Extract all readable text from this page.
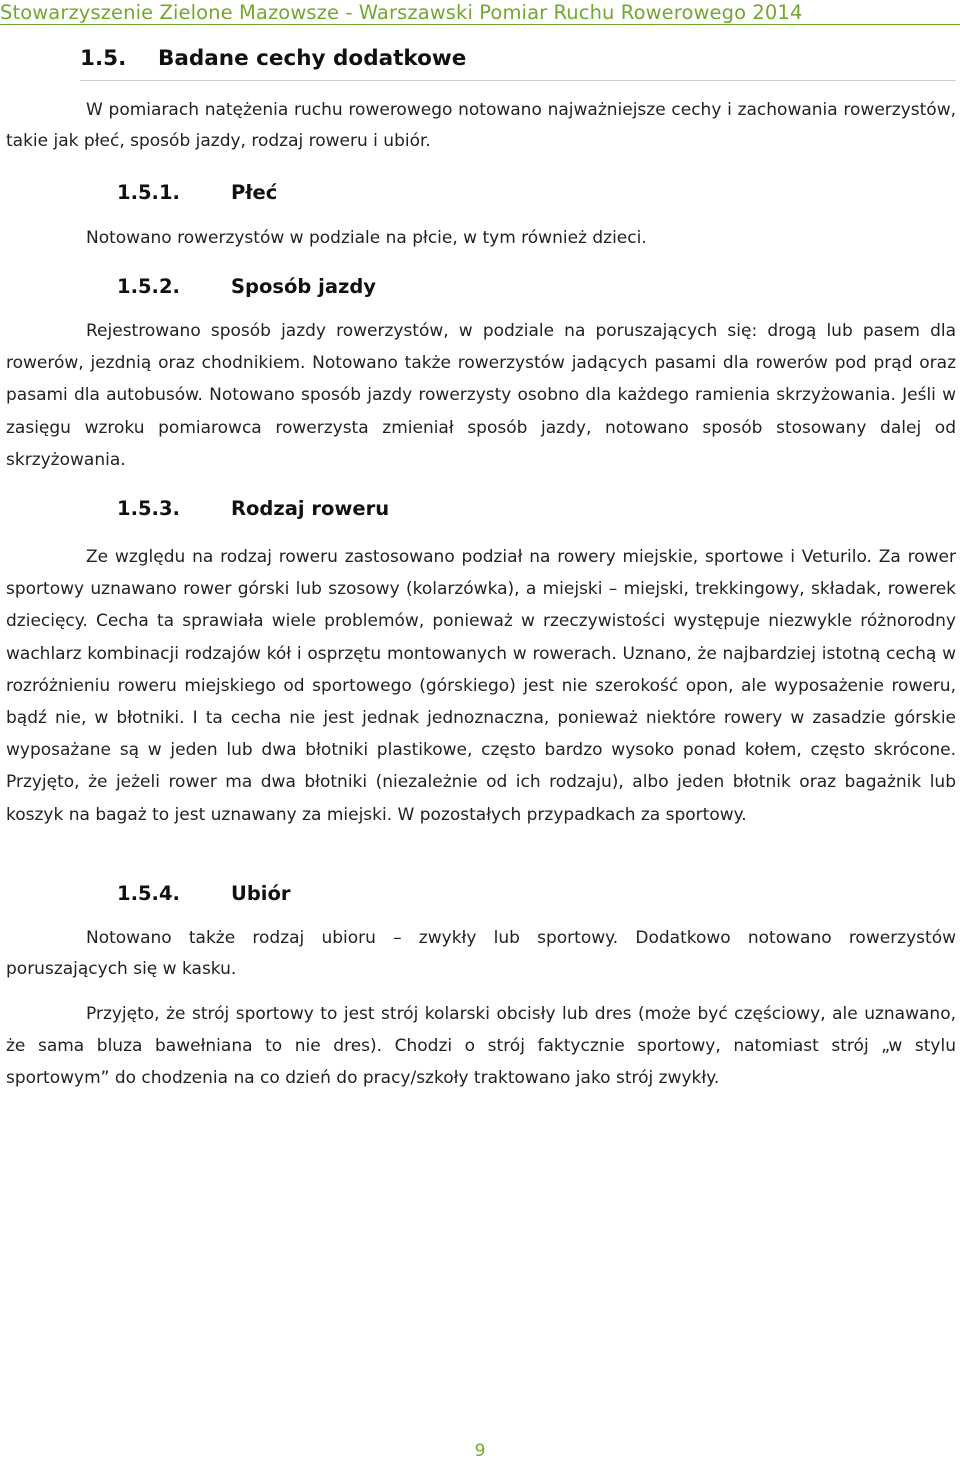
Stowarzyszenie Zielone Mazowsze - Warszawski Pomiar Ruchu Rowerowego 2014
1.5. Badane cechy dodatkowe

W pomiarach natężenia ruchu rowerowego notowano najważniejsze cechy i zachowania rowerzystów, takie jak płeć, sposób jazdy, rodzaj roweru i ubiór.

1.5.1.	Płeć

Notowano rowerzystów w podziale na płcie, w tym również dzieci.

1.5.2.	Sposób jazdy

Rejestrowano sposób jazdy rowerzystów, w podziale na poruszających się: drogą lub pasem dla rowerów, jezdnią oraz chodnikiem. Notowano także rowerzystów jadących pasami dla rowerów pod prąd oraz pasami dla autobusów. Notowano sposób jazdy rowerzysty osobno dla każdego ramienia skrzyżowania. Jeśli w zasięgu wzroku pomiarowca rowerzysta zmieniał sposób jazdy, notowano sposób stosowany dalej od skrzyżowania.

1.5.3.	Rodzaj roweru

Ze względu na rodzaj roweru zastosowano podział na rowery miejskie, sportowe i Veturilo. Za rower sportowy uznawano rower górski lub szosowy (kolarzówka), a miejski – miejski, trekkingowy, składak, rowerek dziecięcy. Cecha ta sprawiała wiele problemów, ponieważ w rzeczywistości występuje niezwykle różnorodny wachlarz kombinacji rodzajów kół i osprzętu montowanych w rowerach. Uznano, że najbardziej istotną cechą w rozróżnieniu roweru miejskiego od sportowego (górskiego) jest nie szerokość opon, ale wyposażenie roweru, bądź nie, w błotniki. I ta cecha nie jest jednak jednoznaczna, ponieważ niektóre rowery w zasadzie górskie wyposażane są w jeden lub dwa błotniki plastikowe, często bardzo wysoko ponad kołem, często skrócone. Przyjęto, że jeżeli rower ma dwa błotniki (niezależnie od ich rodzaju), albo jeden błotnik oraz bagażnik lub koszyk na bagaż to jest uznawany za miejski. W pozostałych przypadkach za sportowy.

1.5.4.	Ubiór

Notowano także rodzaj ubioru – zwykły lub sportowy. Dodatkowo notowano rowerzystów poruszających się w kasku.

Przyjęto, że strój sportowy to jest strój kolarski obcisły lub dres (może być częściowy, ale uznawano, że sama bluza bawełniana to nie dres). Chodzi o strój faktycznie sportowy, natomiast strój „w stylu sportowym” do chodzenia na co dzień do pracy/szkoły traktowano jako strój zwykły.

9
